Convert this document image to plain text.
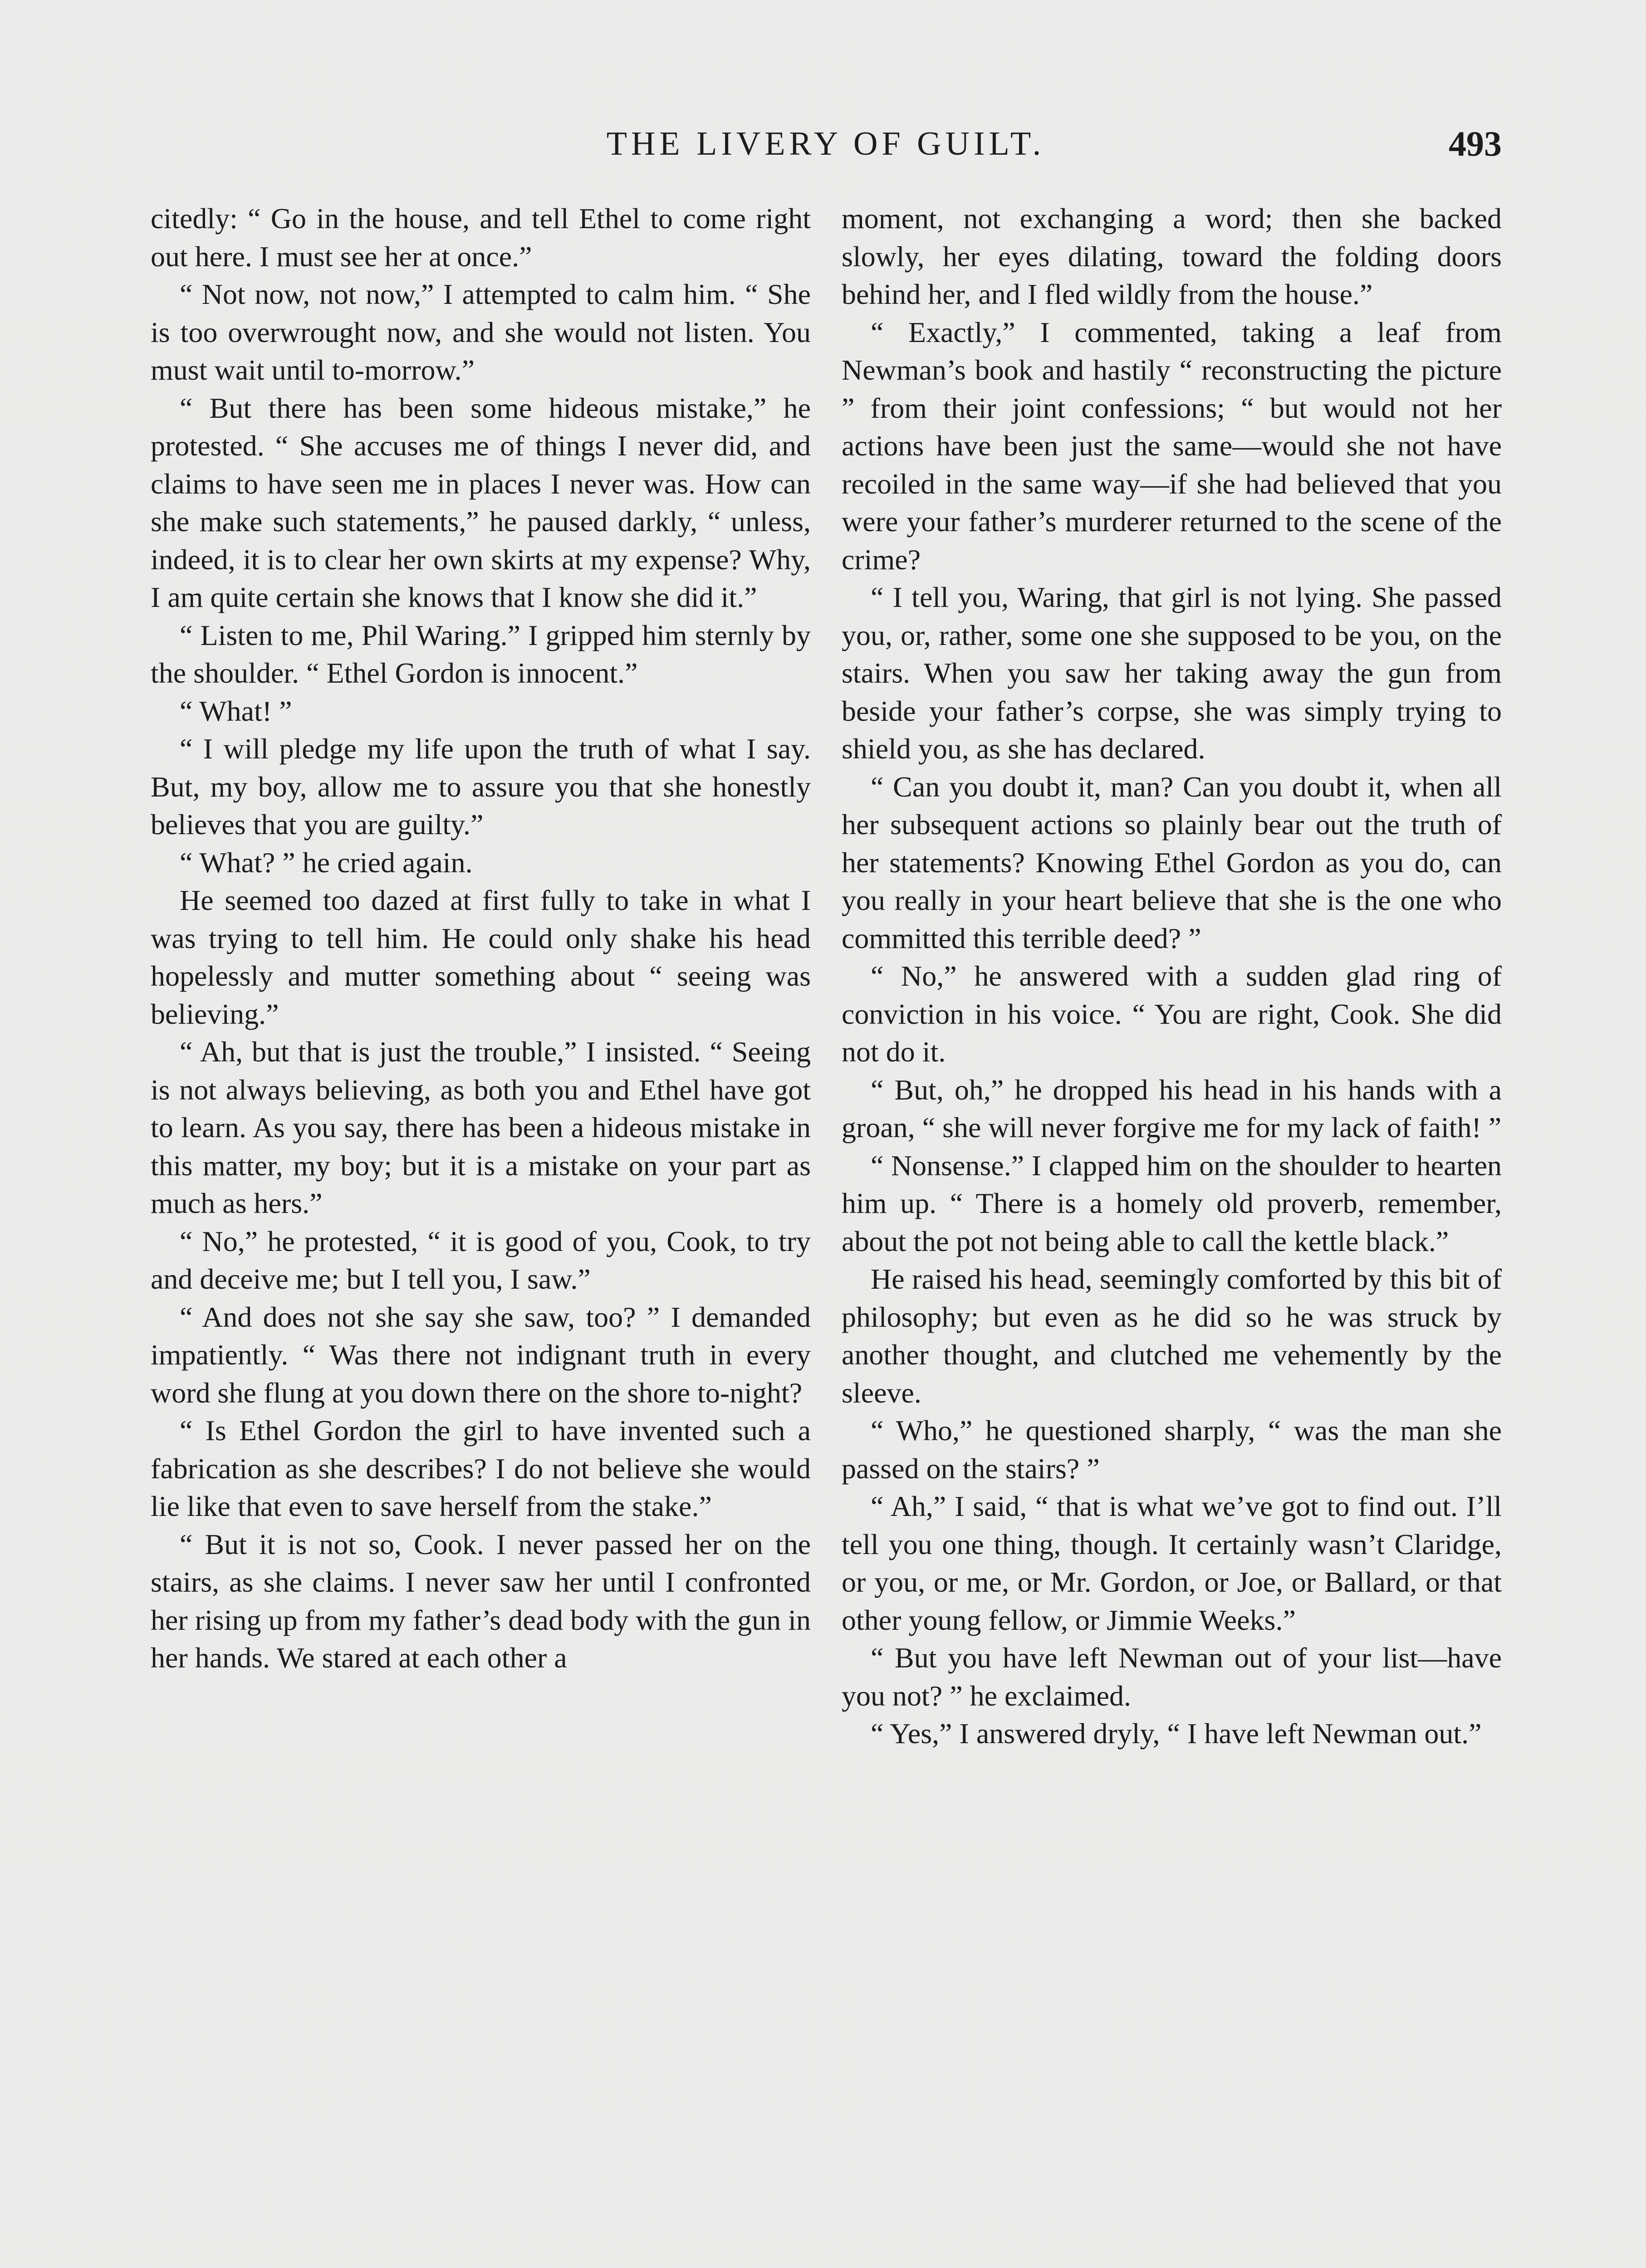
THE LIVERY OF GUILT.	493

citedly: “ Go in the house, and tell Ethel to come right out here. I must see her at once.”

“ Not now, not now,” I attempted to calm him. “ She is too overwrought now, and she would not listen. You must wait until to-morrow.”

“ But there has been some hideous mistake,” he protested. “ She accuses me of things I never did, and claims to have seen me in places I never was. How can she make such statements,” he paused darkly, “ unless, indeed, it is to clear her own skirts at my expense? Why, I am quite certain she knows that I know she did it.”

“ Listen to me, Phil Waring.” I gripped him sternly by the shoulder. “ Ethel Gordon is innocent.”

“ What! ”

“ I will pledge my life upon the truth of what I say. But, my boy, allow me to assure you that she honestly believes that you are guilty.”

“ What? ” he cried again.

He seemed too dazed at first fully to take in what I was trying to tell him. He could only shake his head hopelessly and mutter something about “ seeing was believing.”

“ Ah, but that is just the trouble,” I insisted. “ Seeing is not always believing, as both you and Ethel have got to learn. As you say, there has been a hideous mistake in this matter, my boy; but it is a mistake on your part as much as hers.”

“ No,” he protested, “ it is good of you, Cook, to try and deceive me; but I tell you, I saw.”

“ And does not she say she saw, too? ” I demanded impatiently. “ Was there not indignant truth in every word she flung at you down there on the shore to-night?

“ Is Ethel Gordon the girl to have invented such a fabrication as she describes? I do not believe she would lie like that even to save herself from the stake.”

“ But it is not so, Cook. I never passed her on the stairs, as she claims. I never saw her until I confronted her rising up from my father’s dead body with the gun in her hands. We stared at each other a

moment, not exchanging a word; then she backed slowly, her eyes dilating, toward the folding doors behind her, and I fled wildly from the house.”

“ Exactly,” I commented, taking a leaf from Newman’s book and hastily “ reconstructing the picture ” from their joint confessions; “ but would not her actions have been just the same—would she not have recoiled in the same way—if she had believed that you were your father’s murderer returned to the scene of the crime?

“ I tell you, Waring, that girl is not lying. She passed you, or, rather, some one she supposed to be you, on the stairs. When you saw her taking away the gun from beside your father’s corpse, she was simply trying to shield you, as she has declared.

“ Can you doubt it, man? Can you doubt it, when all her subsequent actions so plainly bear out the truth of her statements? Knowing Ethel Gordon as you do, can you really in your heart believe that she is the one who committed this terrible deed? ”

“ No,” he answered with a sudden glad ring of conviction in his voice. “ You are right, Cook. She did not do it.

“ But, oh,” he dropped his head in his hands with a groan, “ she will never forgive me for my lack of faith! ”

“ Nonsense.” I clapped him on the shoulder to hearten him up. “ There is a homely old proverb, remember, about the pot not being able to call the kettle black.”

He raised his head, seemingly comforted by this bit of philosophy; but even as he did so he was struck by another thought, and clutched me vehemently by the sleeve.

“ Who,” he questioned sharply, “ was the man she passed on the stairs? ”

“ Ah,” I said, “ that is what we’ve got to find out. I’ll tell you one thing, though. It certainly wasn’t Claridge, or you, or me, or Mr. Gordon, or Joe, or Ballard, or that other young fellow, or Jimmie Weeks.”

“ But you have left Newman out of your list—have you not? ” he exclaimed.

“ Yes,” I answered dryly, “ I have left Newman out.”
